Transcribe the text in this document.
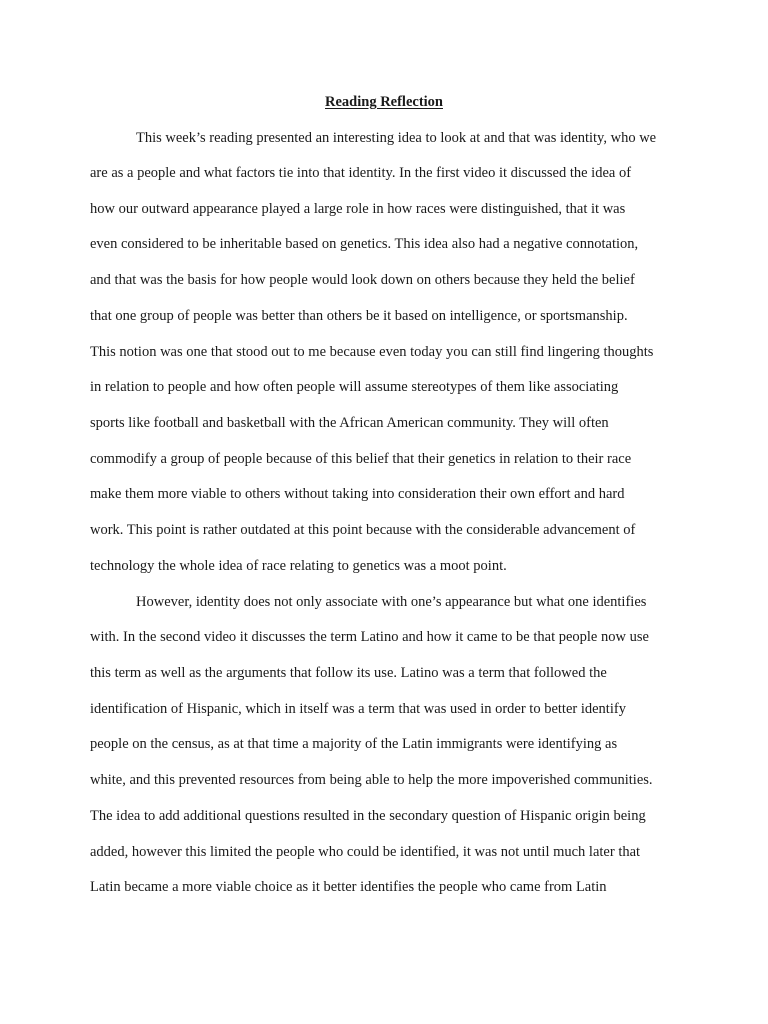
Reading Reflection
This week’s reading presented an interesting idea to look at and that was identity, who we
are as a people and what factors tie into that identity. In the first video it discussed the idea of
how our outward appearance played a large role in how races were distinguished, that it was
even considered to be inheritable based on genetics. This idea also had a negative connotation,
and that was the basis for how people would look down on others because they held the belief
that one group of people was better than others be it based on intelligence, or sportsmanship.
This notion was one that stood out to me because even today you can still find lingering thoughts
in relation to people and how often people will assume stereotypes of them like associating
sports like football and basketball with the African American community. They will often
commodify a group of people because of this belief that their genetics in relation to their race
make them more viable to others without taking into consideration their own effort and hard
work. This point is rather outdated at this point because with the considerable advancement of
technology the whole idea of race relating to genetics was a moot point.
However, identity does not only associate with one’s appearance but what one identifies
with. In the second video it discusses the term Latino and how it came to be that people now use
this term as well as the arguments that follow its use. Latino was a term that followed the
identification of Hispanic, which in itself was a term that was used in order to better identify
people on the census, as at that time a majority of the Latin immigrants were identifying as
white, and this prevented resources from being able to help the more impoverished communities.
The idea to add additional questions resulted in the secondary question of Hispanic origin being
added, however this limited the people who could be identified, it was not until much later that
Latin became a more viable choice as it better identifies the people who came from Latin
